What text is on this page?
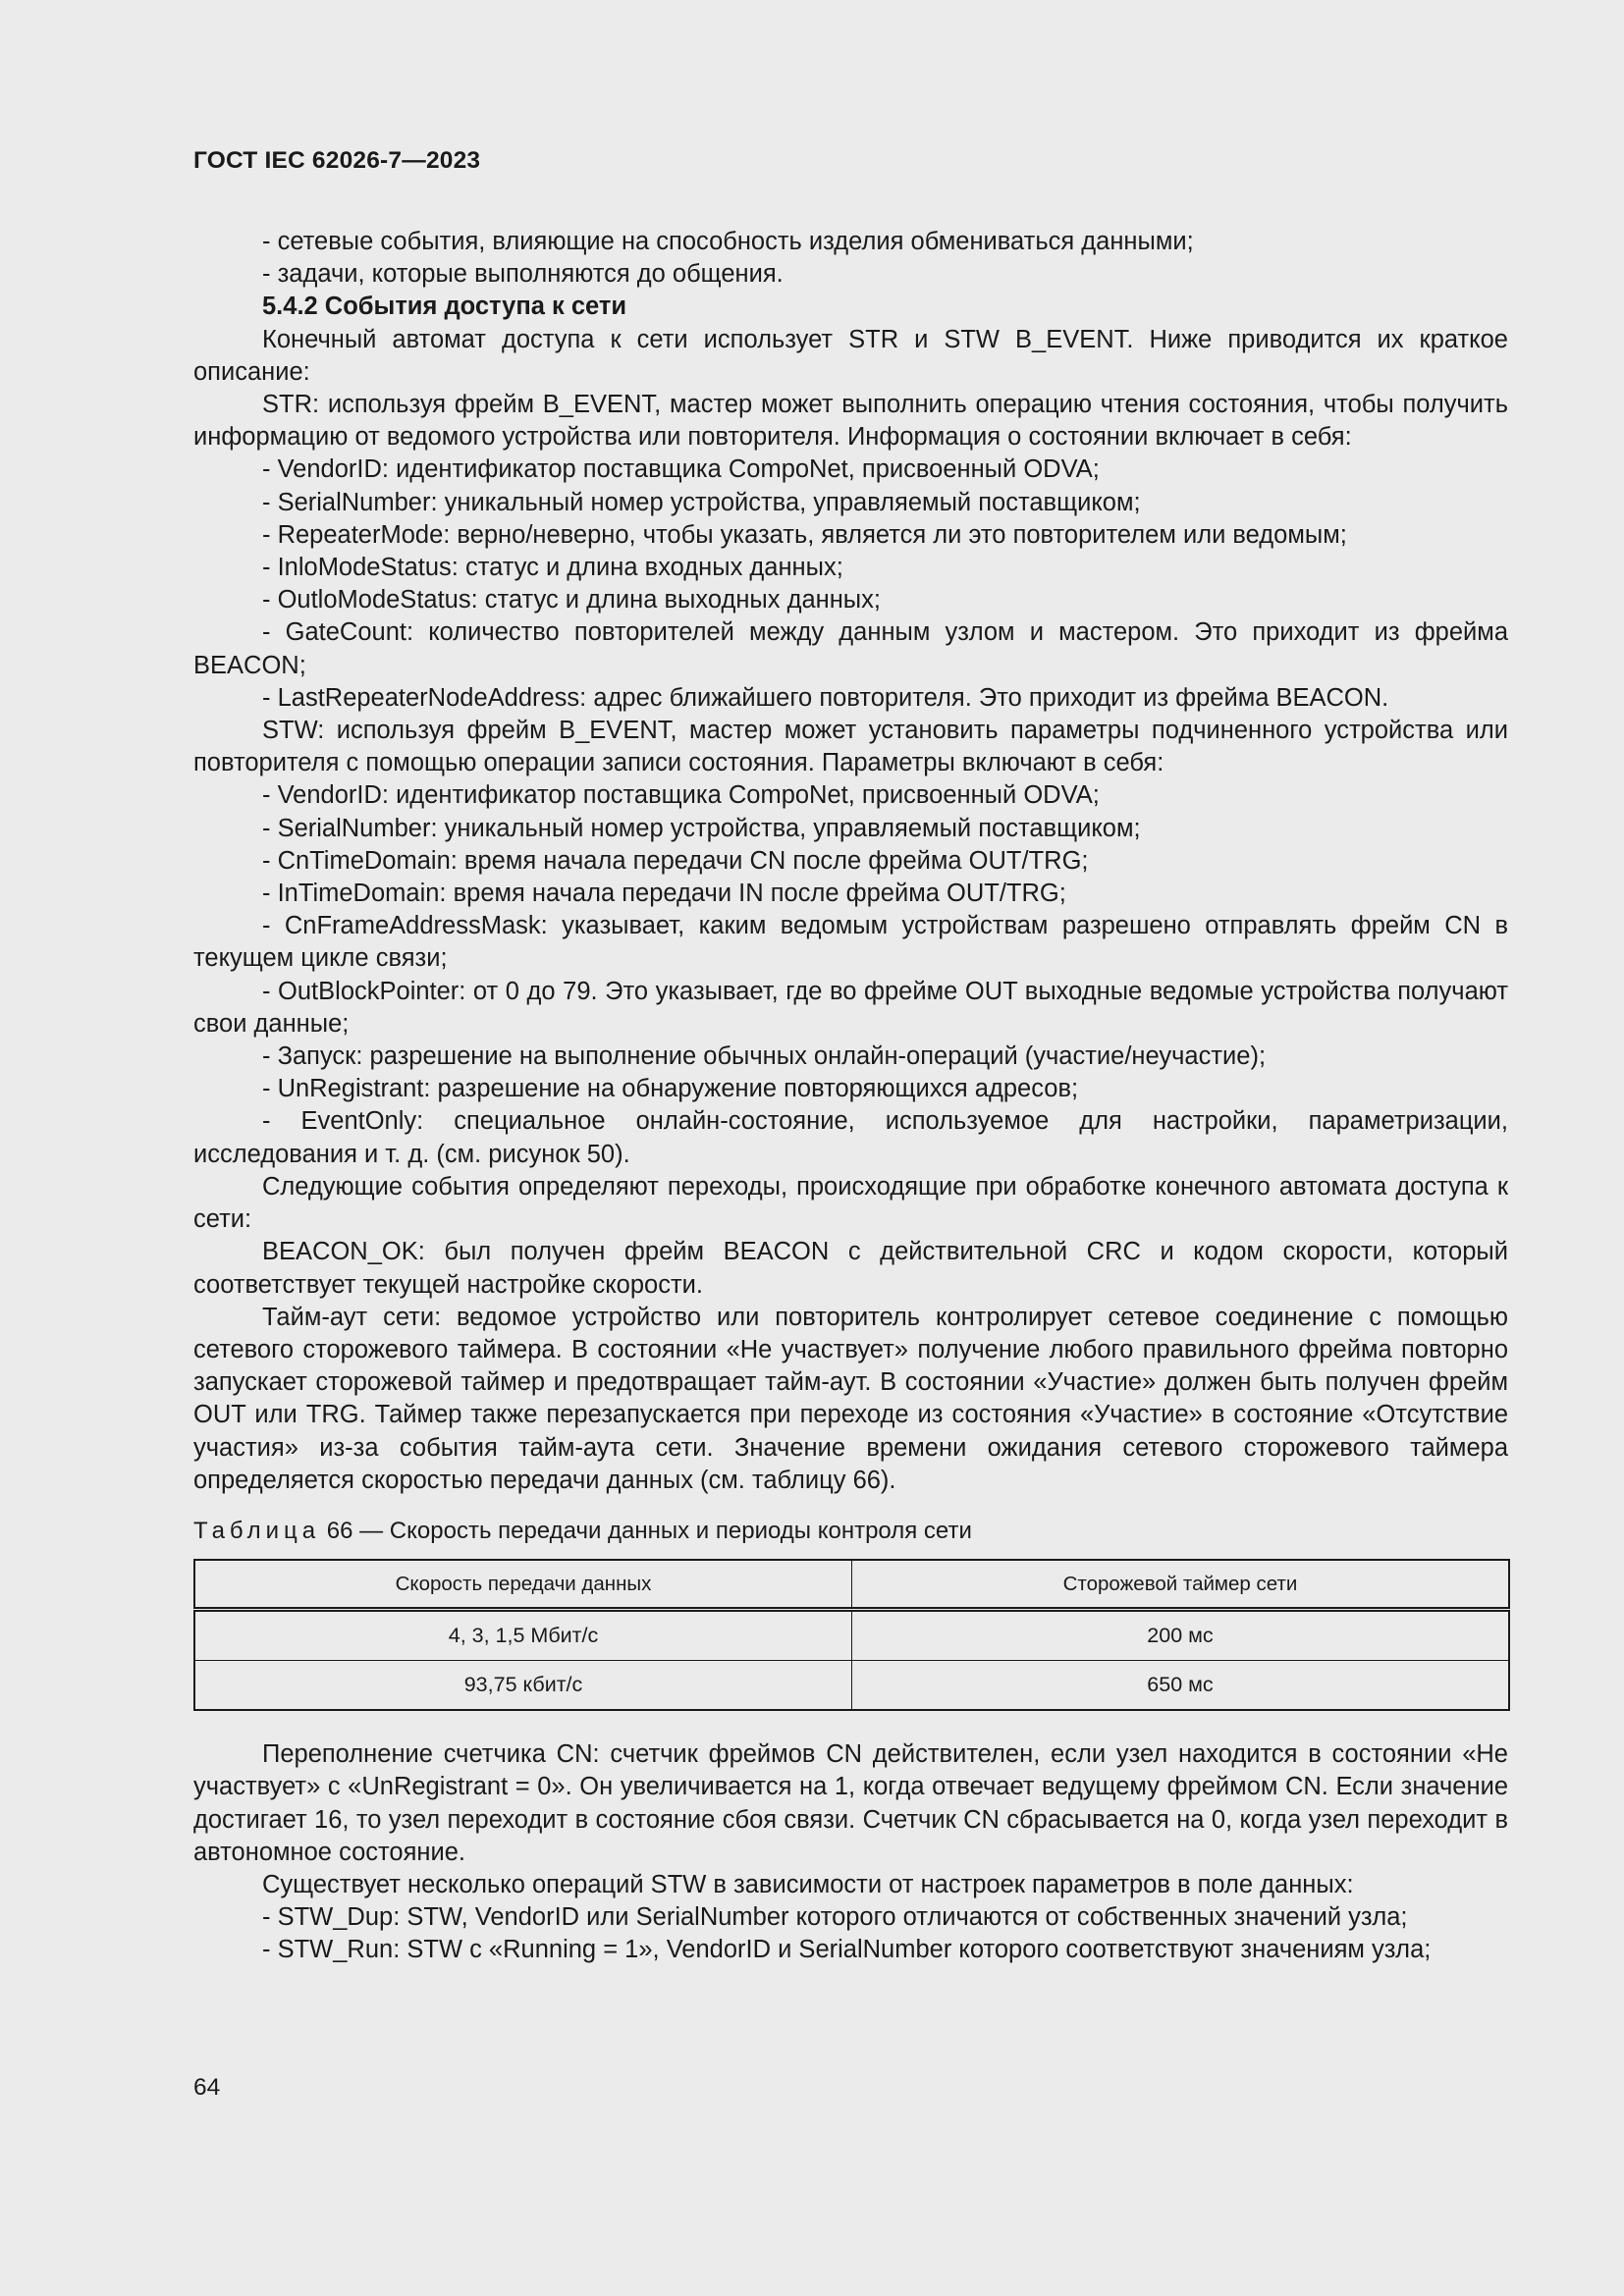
ГОСТ IEC 62026-7—2023

- сетевые события, влияющие на способность изделия обмениваться данными;

- задачи, которые выполняются до общения.

5.4.2 События доступа к сети

Конечный автомат доступа к сети использует STR и STW B_EVENT. Ниже приводится их краткое описание:

STR: используя фрейм B_EVENT, мастер может выполнить операцию чтения состояния, чтобы получить информацию от ведомого устройства или повторителя. Информация о состоянии включает в себя:

- VendorID: идентификатор поставщика CompoNet, присвоенный ODVA;

- SerialNumber: уникальный номер устройства, управляемый поставщиком;

- RepeaterMode: верно/неверно, чтобы указать, является ли это повторителем или ведомым;

- InloModeStatus: статус и длина входных данных;

- OutloModeStatus: статус и длина выходных данных;

- GateCount: количество повторителей между данным узлом и мастером. Это приходит из фрейма BEACON;

- LastRepeaterNodeAddress: адрес ближайшего повторителя. Это приходит из фрейма BEACON.

STW: используя фрейм B_EVENT, мастер может установить параметры подчиненного устройства или повторителя с помощью операции записи состояния. Параметры включают в себя:

- VendorID: идентификатор поставщика CompoNet, присвоенный ODVA;

- SerialNumber: уникальный номер устройства, управляемый поставщиком;

- CnTimeDomain: время начала передачи CN после фрейма OUT/TRG;

- InTimeDomain: время начала передачи IN после фрейма OUT/TRG;

- CnFrameAddressMask: указывает, каким ведомым устройствам разрешено отправлять фрейм CN в текущем цикле связи;

- OutBlockPointer: от 0 до 79. Это указывает, где во фрейме OUT выходные ведомые устройства получают свои данные;

- Запуск: разрешение на выполнение обычных онлайн-операций (участие/неучастие);

- UnRegistrant: разрешение на обнаружение повторяющихся адресов;

- EventOnly: специальное онлайн-состояние, используемое для настройки, параметризации, исследования и т. д. (см. рисунок 50).

Следующие события определяют переходы, происходящие при обработке конечного автомата доступа к сети:

BEACON_OK: был получен фрейм BEACON с действительной CRC и кодом скорости, который соответствует текущей настройке скорости.

Тайм-аут сети: ведомое устройство или повторитель контролирует сетевое соединение с помощью сетевого сторожевого таймера. В состоянии «Не участвует» получение любого правильного фрейма повторно запускает сторожевой таймер и предотвращает тайм-аут. В состоянии «Участие» должен быть получен фрейм OUT или TRG. Таймер также перезапускается при переходе из состояния «Участие» в состояние «Отсутствие участия» из-за события тайм-аута сети. Значение времени ожидания сетевого сторожевого таймера определяется скоростью передачи данных (см. таблицу 66).

Таблица 66 — Скорость передачи данных и периоды контроля сети

Скорость передачи данных	Сторожевой таймер сети
4, 3, 1,5 Мбит/с	200 мс
93,75 кбит/с	650 мс

Переполнение счетчика CN: счетчик фреймов CN действителен, если узел находится в состоянии «Не участвует» с «UnRegistrant = 0». Он увеличивается на 1, когда отвечает ведущему фреймом CN. Если значение достигает 16, то узел переходит в состояние сбоя связи. Счетчик CN сбрасывается на 0, когда узел переходит в автономное состояние.

Существует несколько операций STW в зависимости от настроек параметров в поле данных:

- STW_Dup: STW, VendorID или SerialNumber которого отличаются от собственных значений узла;

- STW_Run: STW с «Running = 1», VendorID и SerialNumber которого соответствуют значениям узла;

64
